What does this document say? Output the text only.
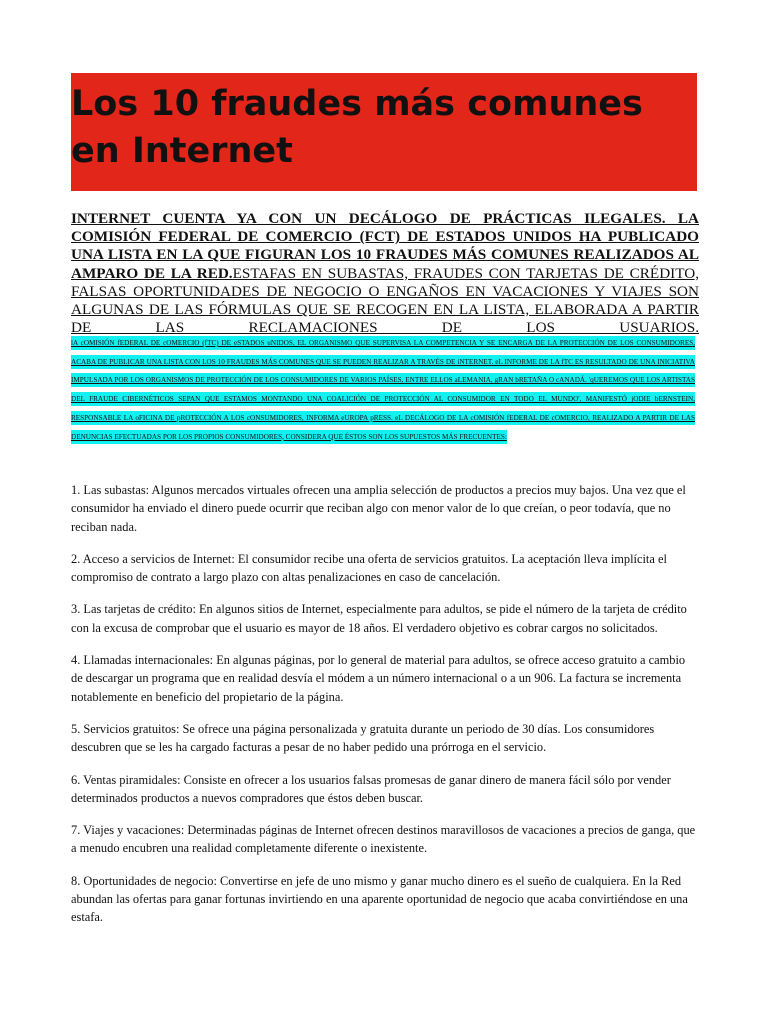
Los 10 fraudes más comunes en Internet

INTERNET CUENTA YA CON UN DECÁLOGO DE PRÁCTICAS ILEGALES. LA COMISIÓN FEDERAL DE COMERCIO (FCT) DE ESTADOS UNIDOS HA PUBLICADO UNA LISTA EN LA QUE FIGURAN LOS 10 FRAUDES MÁS COMUNES REALIZADOS AL AMPARO DE LA RED.ESTAFAS EN SUBASTAS, FRAUDES CON TARJETAS DE CRÉDITO, FALSAS OPORTUNIDADES DE NEGOCIO O ENGAÑOS EN VACACIONES Y VIAJES SON ALGUNAS DE LAS FÓRMULAS QUE SE RECOGEN EN LA LISTA, ELABORADA A PARTIR DE LAS RECLAMACIONES DE LOS USUARIOS.

lA cOMISIÓN fEDERAL DE cOMERCIO (fTC) DE eSTADOS uNIDOS, EL ORGANISMO QUE SUPERVISA LA COMPETENCIA Y SE ENCARGA DE LA PROTECCIÓN DE LOS CONSUMIDORES, ACABA DE PUBLICAR UNA LISTA CON LOS 10 FRAUDES MÁS COMUNES QUE SE PUEDEN REALIZAR A TRAVÉS DE iNTERNET. eL INFORME DE LA fTC ES RESULTADO DE UNA INICIATIVA IMPULSADA POR LOS ORGANISMOS DE PROTECCIÓN DE LOS CONSUMIDORES DE VARIOS PAÍSES, ENTRE ELLOS aLEMANIA, gRAN bRETAÑA O cANADÁ. 'qUEREMOS QUE LOS ARTISTAS DEL FRAUDE CIBERNÉTICOS SEPAN QUE ESTAMOS MONTANDO UNA COALICIÓN DE PROTECCIÓN AL CONSUMIDOR EN TODO EL MUNDO', MANIFESTÓ jODIE bERNSTEIN, RESPONSABLE LA oFICINA DE pROTECCIÓN A LOS cONSUMIDORES, INFORMA eUROPA pRESS. eL DECÁLOGO DE LA cOMISIÓN fEDERAL DE cOMERCIO, REALIZADO A PARTIR DE LAS DENUNCIAS EFECTUADAS POR LOS PROPIOS CONSUMIDORES, CONSIDERA QUE ÉSTOS SON LOS SUPUESTOS MÁS FRECUENTES:

1. Las subastas: Algunos mercados virtuales ofrecen una amplia selección de productos a precios muy bajos. Una vez que el consumidor ha enviado el dinero puede ocurrir que reciban algo con menor valor de lo que creían, o peor todavía, que no reciban nada.

2. Acceso a servicios de Internet: El consumidor recibe una oferta de servicios gratuitos. La aceptación lleva implícita el compromiso de contrato a largo plazo con altas penalizaciones en caso de cancelación.

3. Las tarjetas de crédito: En algunos sitios de Internet, especialmente para adultos, se pide el número de la tarjeta de crédito con la excusa de comprobar que el usuario es mayor de 18 años. El verdadero objetivo es cobrar cargos no solicitados.

4. Llamadas internacionales: En algunas páginas, por lo general de material para adultos, se ofrece acceso gratuito a cambio de descargar un programa que en realidad desvía el módem a un número internacional o a un 906. La factura se incrementa notablemente en beneficio del propietario de la página.

5. Servicios gratuitos: Se ofrece una página personalizada y gratuita durante un periodo de 30 días. Los consumidores descubren que se les ha cargado facturas a pesar de no haber pedido una prórroga en el servicio.

6. Ventas piramidales: Consiste en ofrecer a los usuarios falsas promesas de ganar dinero de manera fácil sólo por vender determinados productos a nuevos compradores que éstos deben buscar.

7. Viajes y vacaciones: Determinadas páginas de Internet ofrecen destinos maravillosos de vacaciones a precios de ganga, que a menudo encubren una realidad completamente diferente o inexistente.

8. Oportunidades de negocio: Convertirse en jefe de uno mismo y ganar mucho dinero es el sueño de cualquiera. En la Red abundan las ofertas para ganar fortunas invirtiendo en una aparente oportunidad de negocio que acaba convirtiéndose en una estafa.
